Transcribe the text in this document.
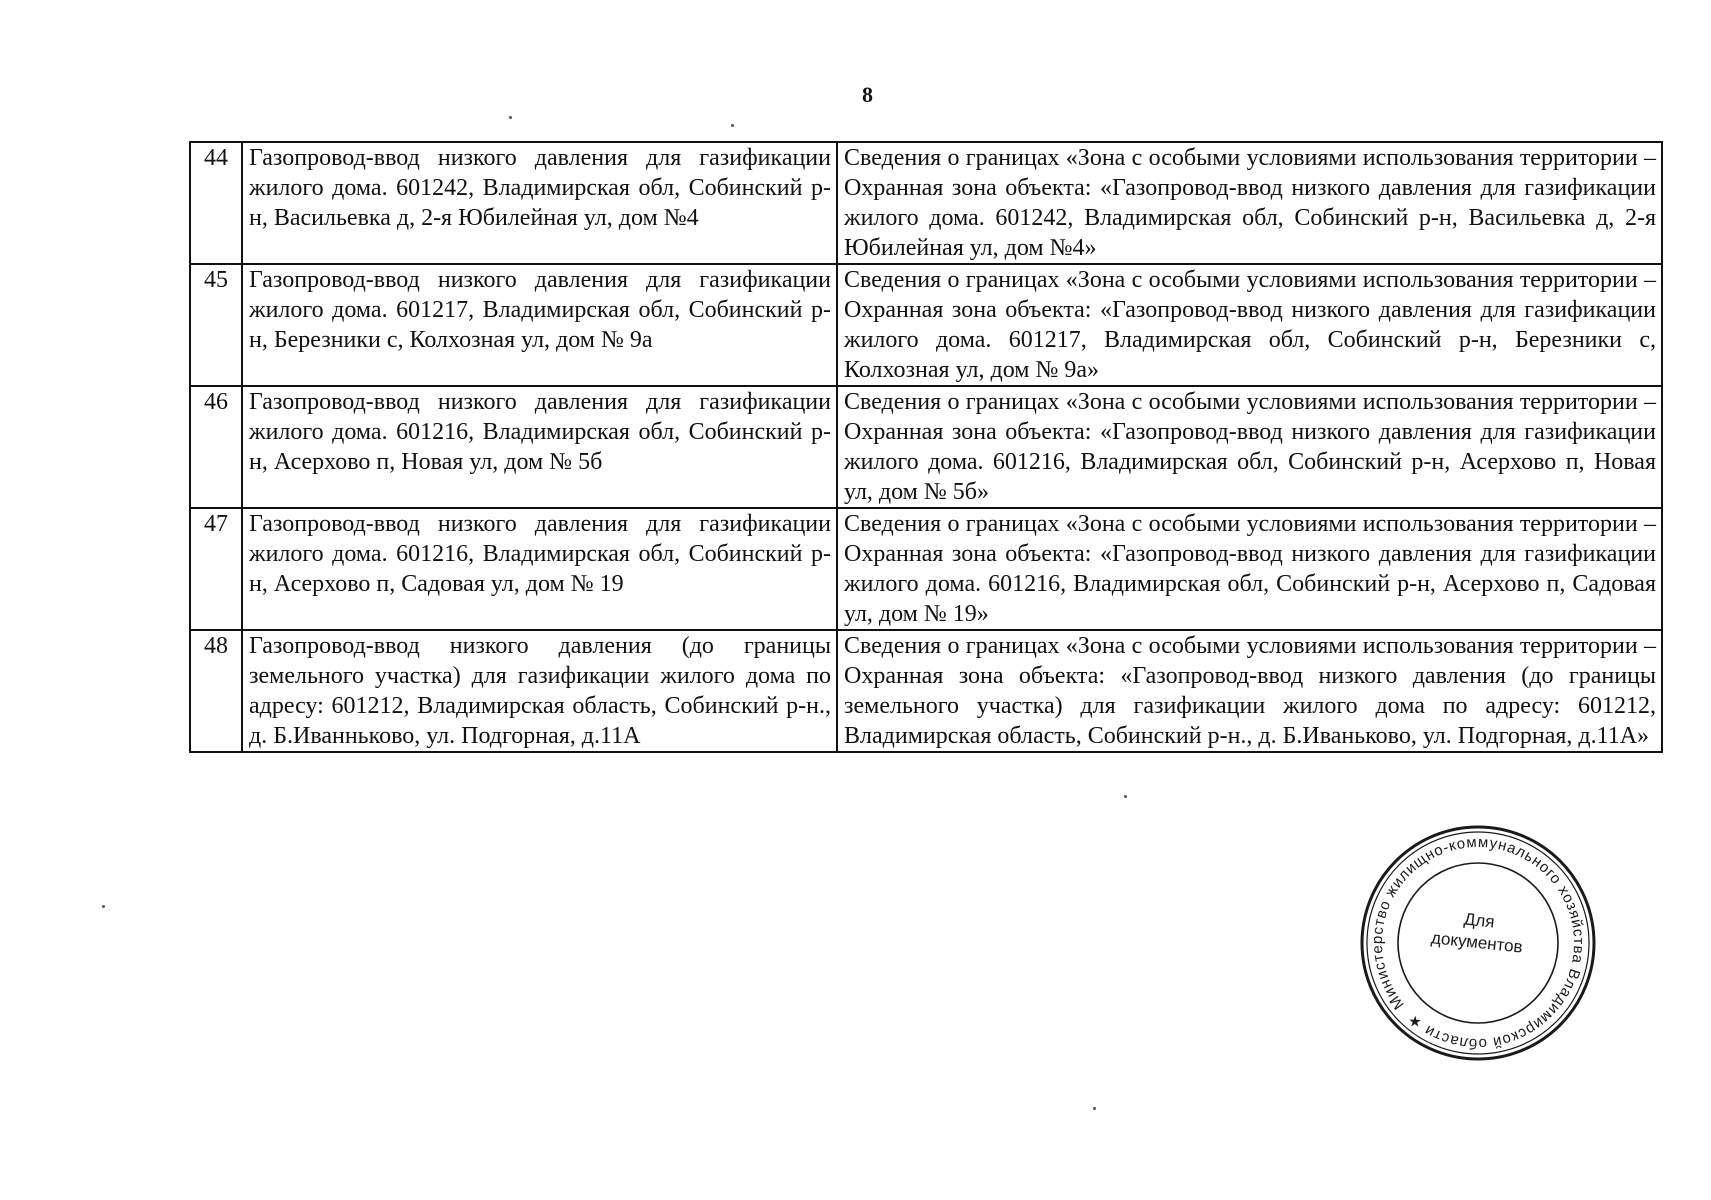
8
44	Газопровод-ввод низкого давления для газификации жилого дома. 601242, Владимирская обл, Собинский р-н, Васильевка д, 2-я Юбилейная ул, дом №4	Сведения о границах «Зона с особыми условиями использования территории – Охранная зона объекта: «Газопровод-ввод низкого давления для газификации жилого дома. 601242, Владимирская обл, Собинский р-н, Васильевка д, 2-я Юбилейная ул, дом №4»
45	Газопровод-ввод низкого давления для газификации жилого дома. 601217, Владимирская обл, Собинский р-н, Березники с, Колхозная ул, дом № 9а	Сведения о границах «Зона с особыми условиями использования территории – Охранная зона объекта: «Газопровод-ввод низкого давления для газификации жилого дома. 601217, Владимирская обл, Собинский р-н, Березники с, Колхозная ул, дом № 9а»
46	Газопровод-ввод низкого давления для газификации жилого дома. 601216, Владимирская обл, Собинский р-н, Асерхово п, Новая ул, дом № 5б	Сведения о границах «Зона с особыми условиями использования территории – Охранная зона объекта: «Газопровод-ввод низкого давления для газификации жилого дома. 601216, Владимирская обл, Собинский р-н, Асерхово п, Новая ул, дом № 5б»
47	Газопровод-ввод низкого давления для газификации жилого дома. 601216, Владимирская обл, Собинский р-н, Асерхово п, Садовая ул, дом № 19	Сведения о границах «Зона с особыми условиями использования территории – Охранная зона объекта: «Газопровод-ввод низкого давления для газификации жилого дома. 601216, Владимирская обл, Собинский р-н, Асерхово п, Садовая ул, дом № 19»
48	Газопровод-ввод низкого давления (до границы земельного участка) для газификации жилого дома по адресу: 601212, Владимирская область, Собинский р-н., д. Б.Иванньково, ул. Подгорная, д.11А	Сведения о границах «Зона с особыми условиями использования территории – Охранная зона объекта: «Газопровод-ввод низкого давления (до границы земельного участка) для газификации жилого дома по адресу: 601212, Владимирская область, Собинский р-н., д. Б.Иваньково, ул. Подгорная, д.11А»
Министерство жилищно-коммунального хозяйства Владимирской области ★
Для
документов
